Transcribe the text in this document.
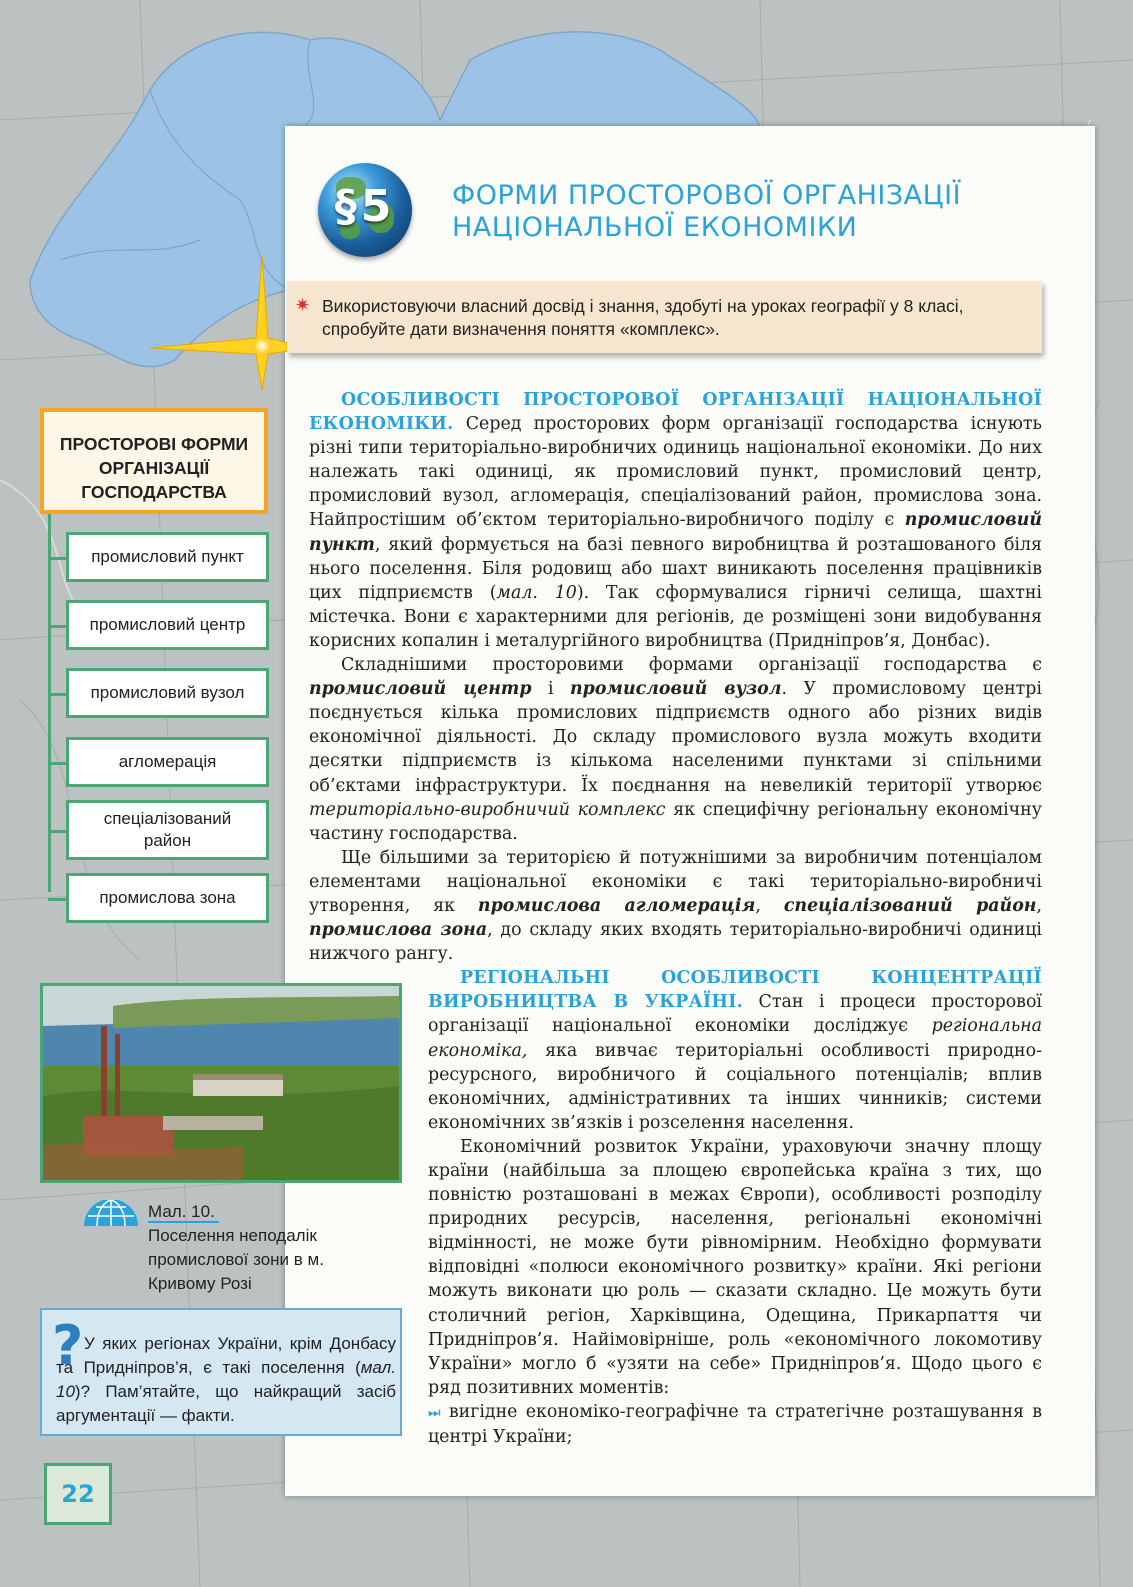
§5	ФОРМИ ПРОСТОРОВОЇ ОРГАНІЗАЦІЇ НАЦІОНАЛЬНОЇ ЕКОНОМІКИ
✷ Використовуючи власний досвід і знання, здобуті на уроках географії у 8 класі, спробуйте дати визначення поняття «комплекс».
ПРОСТОРОВІ ФОРМИ ОРГАНІЗАЦІЇ ГОСПОДАРСТВА
промисловий пункт
промисловий центр
промисловий вузол
агломерація
спеціалізований район
промислова зона
Мал. 10.
Поселення неподалік промислової зони в м. Кривому Розі
? У яких регіонах України, крім Донбасу та Придніпров’я, є такі поселення (мал. 10)? Пам’ятайте, що найкращий засіб аргументації — факти.
22

ОСОБЛИВОСТІ ПРОСТОРОВОЇ ОРГАНІЗАЦІЇ НАЦІОНАЛЬНОЇ ЕКОНОМІКИ. Серед просторових форм організації господарства існують різні типи територіально-виробничих одиниць національної економіки. До них належать такі одиниці, як промисловий пункт, промисловий центр, промисловий вузол, агломерація, спеціалізований район, промислова зона. Найпростішим об’єктом територіально-виробничого поділу є промисловий пункт, який формується на базі певного виробництва й розташованого біля нього поселення. Біля родовищ або шахт виникають поселення працівників цих підприємств (мал. 10). Так сформувалися гірничі селища, шахтні містечка. Вони є характерними для регіонів, де розміщені зони видобування корисних копалин і металургійного виробництва (Придніпров’я, Донбас).

Складнішими просторовими формами організації господарства є промисловий центр і промисловий вузол. У промисловому центрі поєднується кілька промислових підприємств одного або різних видів економічної діяльності. До складу промислового вузла можуть входити десятки підприємств із кількома населеними пунктами зі спільними об’єктами інфраструктури. Їх поєднання на невеликій території утворює територіально-виробничий комплекс як специфічну регіональну економічну частину господарства.

Ще більшими за територією й потужнішими за виробничим потенціалом елементами національної економіки є такі територіально-виробничі утворення, як промислова агломерація, спеціалізований район, промислова зона, до складу яких входять територіально-виробничі одиниці нижчого рангу.

РЕГІОНАЛЬНІ ОСОБЛИВОСТІ КОНЦЕНТРАЦІЇ ВИРОБНИЦТВА В УКРАЇНІ. Стан і процеси просторової організації національної економіки досліджує регіональна економіка, яка вивчає територіальні особливості природно-ресурсного, виробничого й соціального потенціалів; вплив економічних, адміністративних та інших чинників; системи економічних зв’язків і розселення населення.

Економічний розвиток України, ураховуючи значну площу країни (найбільша за площею європейська країна з тих, що повністю розташовані в межах Європи), особливості розподілу природних ресурсів, населення, регіональні економічні відмінності, не може бути рівномірним. Необхідно формувати відповідні «полюси економічного розвитку» країни. Які регіони можуть виконати цю роль — сказати складно. Це можуть бути столичний регіон, Харківщина, Одещина, Прикарпаття чи Придніпров’я. Найімовірніше, роль «економічного локомотиву України» могло б «узяти на себе» Придніпров’я. Щодо цього є ряд позитивних моментів:

⏭ вигідне економіко-географічне та стратегічне розташування в центрі України;
